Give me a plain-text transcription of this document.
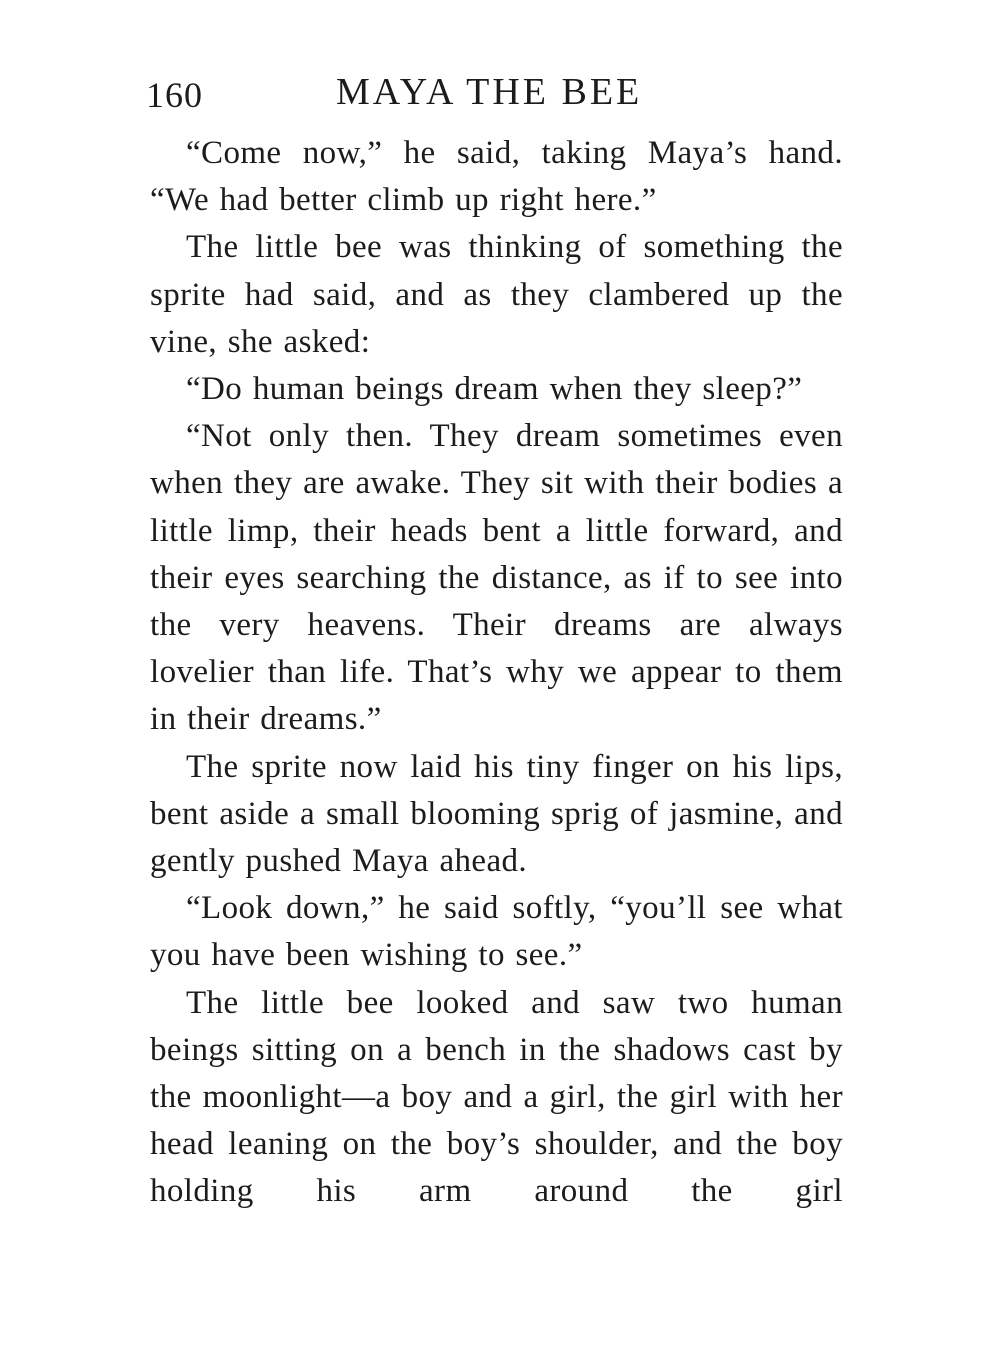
160	MAYA THE BEE

“Come now,” he said, taking Maya’s hand. “We had better climb up right here.”

The little bee was thinking of something the sprite had said, and as they clambered up the vine, she asked:

“Do human beings dream when they sleep?”

“Not only then. They dream sometimes even when they are awake. They sit with their bodies a little limp, their heads bent a little forward, and their eyes searching the distance, as if to see into the very heavens. Their dreams are always lovelier than life. That’s why we appear to them in their dreams.”

The sprite now laid his tiny finger on his lips, bent aside a small blooming sprig of jasmine, and gently pushed Maya ahead.

“Look down,” he said softly, “you’ll see what you have been wishing to see.”

The little bee looked and saw two human beings sitting on a bench in the shadows cast by the moonlight—a boy and a girl, the girl with her head leaning on the boy’s shoulder, and the boy holding his arm around the girl
